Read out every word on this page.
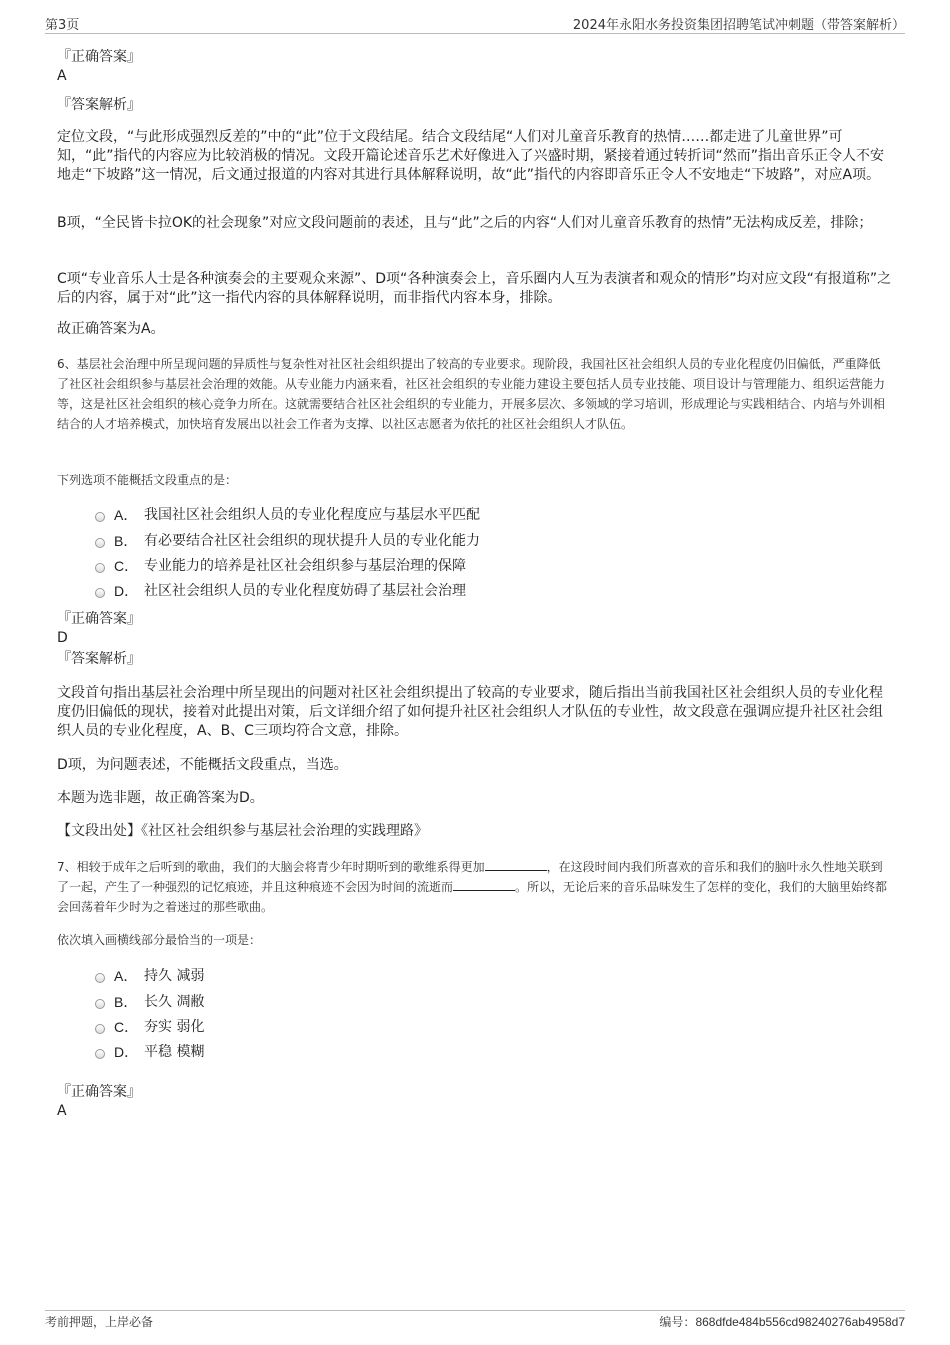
第3页	2024年永阳水务投资集团招聘笔试冲刺题（带答案解析）
『正确答案』
A
『答案解析』
定位文段，“与此形成强烈反差的”中的“此”位于文段结尾。结合文段结尾“人们对儿童音乐教育的热情……都走进了儿童世界”可知，“此”指代的内容应为比较消极的情况。文段开篇论述音乐艺术好像进入了兴盛时期，紧接着通过转折词“然而”指出音乐正令人不安地走“下坡路”这一情况，后文通过报道的内容对其进行具体解释说明，故“此”指代的内容即音乐正令人不安地走“下坡路”，对应A项。
B项，“全民皆卡拉OK的社会现象”对应文段问题前的表述，且与“此”之后的内容“人们对儿童音乐教育的热情”无法构成反差，排除；
C项“专业音乐人士是各种演奏会的主要观众来源”、D项“各种演奏会上，音乐圈内人互为表演者和观众的情形”均对应文段“有报道称”之后的内容，属于对“此”这一指代内容的具体解释说明，而非指代内容本身，排除。
故正确答案为A。
6、基层社会治理中所呈现问题的异质性与复杂性对社区社会组织提出了较高的专业要求。现阶段，我国社区社会组织人员的专业化程度仍旧偏低，严重降低了社区社会组织参与基层社会治理的效能。从专业能力内涵来看，社区社会组织的专业能力建设主要包括人员专业技能、项目设计与管理能力、组织运营能力等，这是社区社会组织的核心竞争力所在。这就需要结合社区社会组织的专业能力，开展多层次、多领域的学习培训，形成理论与实践相结合、内培与外训相结合的人才培养模式，加快培育发展出以社会工作者为支撑、以社区志愿者为依托的社区社会组织人才队伍。
下列选项不能概括文段重点的是：
A． 我国社区社会组织人员的专业化程度应与基层水平匹配
B． 有必要结合社区社会组织的现状提升人员的专业化能力
C． 专业能力的培养是社区社会组织参与基层治理的保障
D． 社区社会组织人员的专业化程度妨碍了基层社会治理
『正确答案』
D
『答案解析』
文段首句指出基层社会治理中所呈现出的问题对社区社会组织提出了较高的专业要求，随后指出当前我国社区社会组织人员的专业化程度仍旧偏低的现状，接着对此提出对策，后文详细介绍了如何提升社区社会组织人才队伍的专业性，故文段意在强调应提升社区社会组织人员的专业化程度，A、B、C三项均符合文意，排除。
D项，为问题表述，不能概括文段重点，当选。
本题为选非题，故正确答案为D。
【文段出处】《社区社会组织参与基层社会治理的实践理路》
7、相较于成年之后听到的歌曲，我们的大脑会将青少年时期听到的歌维系得更加	，在这段时间内我们所喜欢的音乐和我们的脑叶永久性地关联到了一起，产生了一种强烈的记忆痕迹，并且这种痕迹不会因为时间的流逝而	。所以，无论后来的音乐品味发生了怎样的变化，我们的大脑里始终都会回荡着年少时为之着迷过的那些歌曲。
依次填入画横线部分最恰当的一项是：
A． 持久 减弱
B． 长久 凋敝
C． 夯实 弱化
D． 平稳 模糊
『正确答案』
A
考前押题，上岸必备	编号：868dfde484b556cd98240276ab4958d7
